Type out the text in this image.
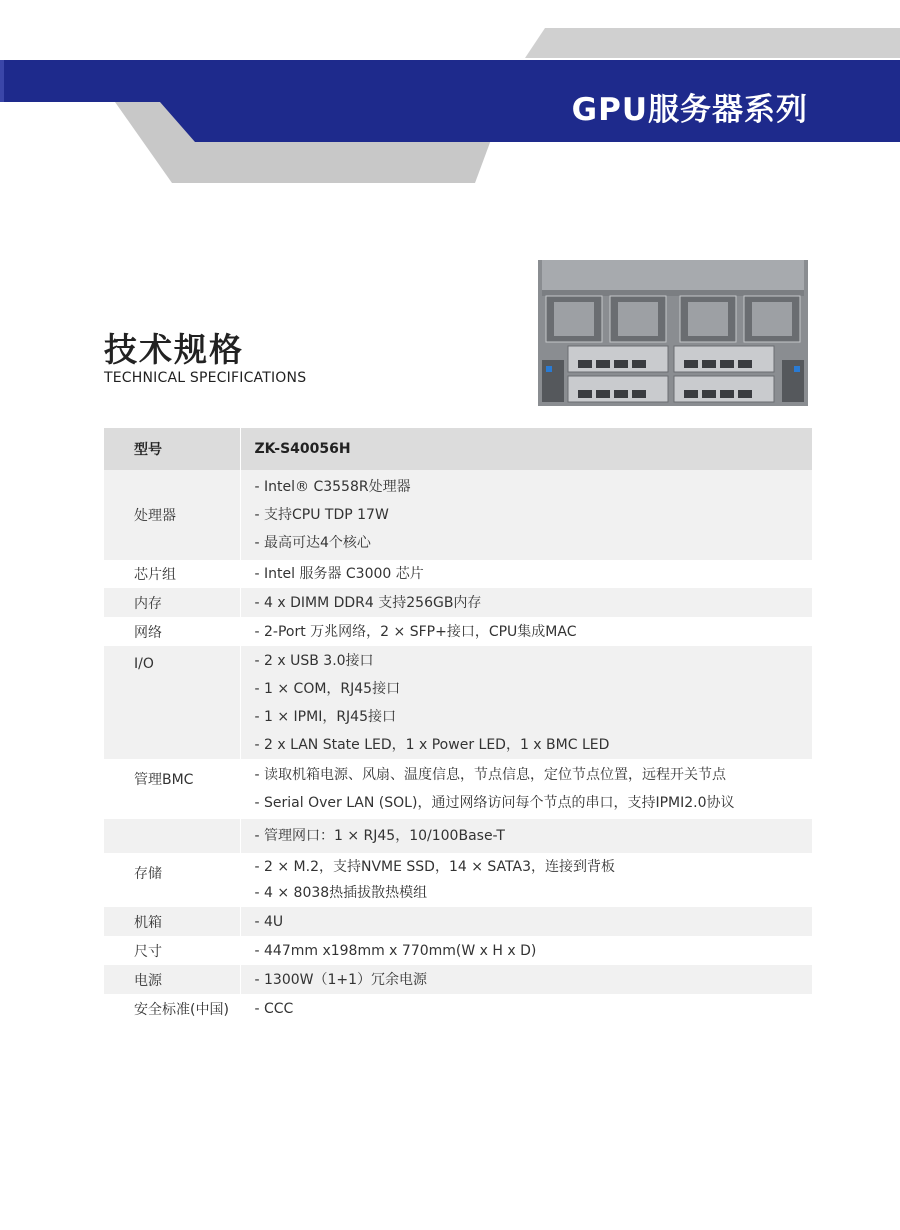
GPU服务器系列
技术规格
TECHNICAL SPECIFICATIONS
型号	ZK-S40056H
处理器	- Intel® C3558R处理器
- 支持CPU TDP 17W
- 最高可达4个核心

芯片组	- Intel 服务器 C3000 芯片

内存	- 4 x DIMM DDR4 支持256GB内存

网络	- 2-Port 万兆网络，2 × SFP+接口，CPU集成MAC

I/O	- 2 x USB 3.0接口
- 1 × COM，RJ45接口
- 1 × IPMI，RJ45接口
- 2 x LAN State LED，1 x Power LED，1 x BMC LED

管理BMC	- 读取机箱电源、风扇、温度信息，节点信息，定位节点位置，远程开关节点
- Serial Over LAN (SOL)，通过网络访问每个节点的串口，支持IPMI2.0协议

	- 管理网口：1 × RJ45，10/100Base-T

存储	- 2 × M.2，支持NVME SSD，14 × SATA3，连接到背板
- 4 × 8038热插拔散热模组

机箱	- 4U

尺寸	- 447mm x198mm x 770mm(W x H x D)

电源	- 1300W（1+1）冗余电源

安全标准(中国)	- CCC
